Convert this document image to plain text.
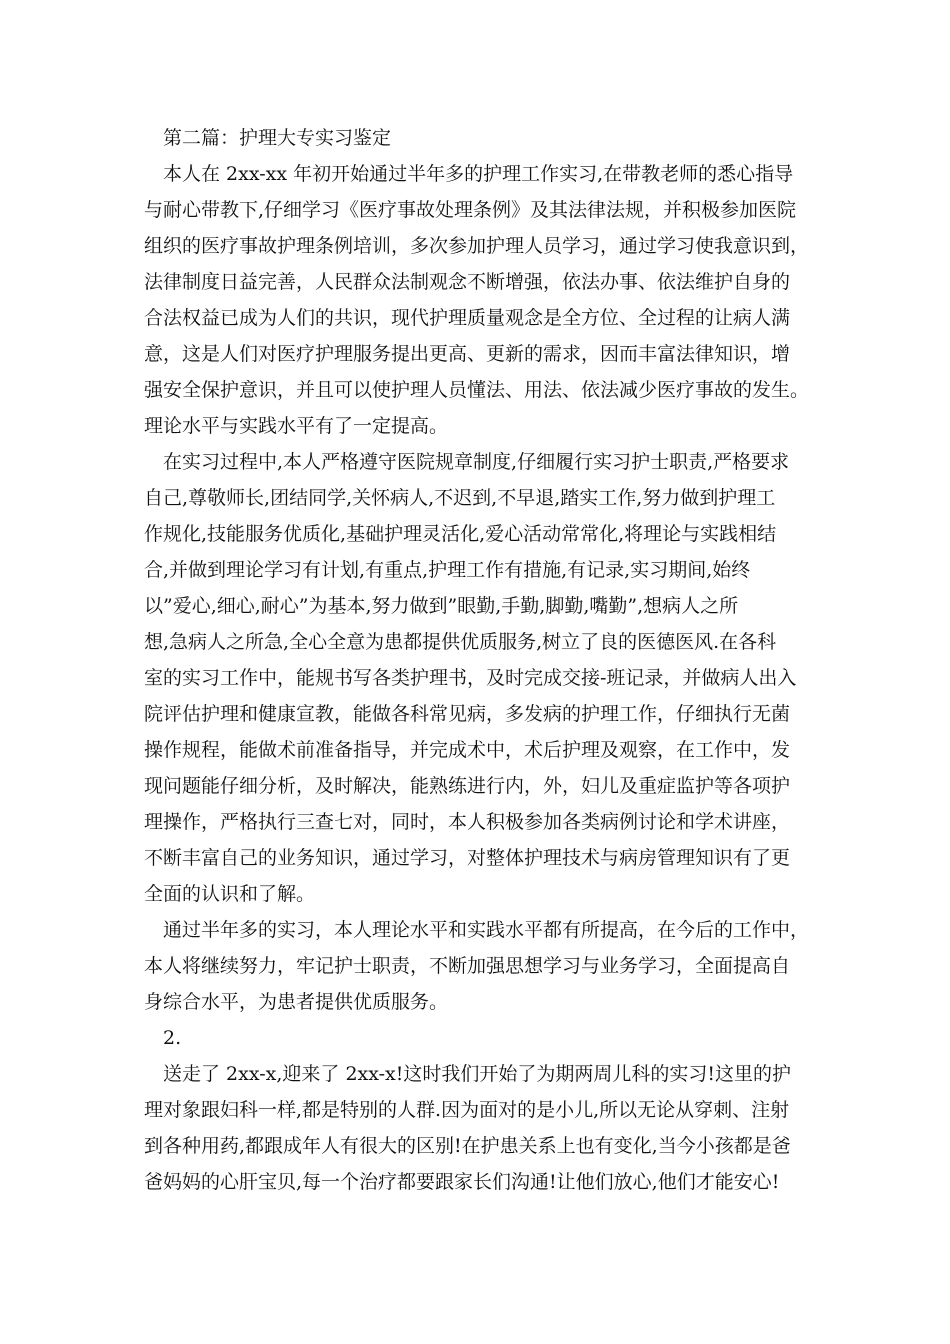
第二篇：护理大专实习鉴定

本人在 2xx-xx 年初开始通过半年多的护理工作实习,在带教老师的悉心指导
与耐心带教下,仔细学习《医疗事故处理条例》及其法律法规，并积极参加医院
组织的医疗事故护理条例培训，多次参加护理人员学习，通过学习使我意识到，
法律制度日益完善，人民群众法制观念不断增强，依法办事、依法维护自身的
合法权益已成为人们的共识，现代护理质量观念是全方位、全过程的让病人满
意，这是人们对医疗护理服务提出更高、更新的需求，因而丰富法律知识，增
强安全保护意识，并且可以使护理人员懂法、用法、依法减少医疗事故的发生。
理论水平与实践水平有了一定提高。

在实习过程中,本人严格遵守医院规章制度,仔细履行实习护士职责,严格要求
自己,尊敬师长,团结同学,关怀病人,不迟到,不早退,踏实工作,努力做到护理工
作规化,技能服务优质化,基础护理灵活化,爱心活动常常化,将理论与实践相结
合,并做到理论学习有计划,有重点,护理工作有措施,有记录,实习期间,始终
以”爱心,细心,耐心”为基本,努力做到”眼勤,手勤,脚勤,嘴勤”,想病人之所
想,急病人之所急,全心全意为患都提供优质服务,树立了良的医德医风.在各科
室的实习工作中，能规书写各类护理书，及时完成交接-班记录，并做病人出入
院评估护理和健康宣教，能做各科常见病，多发病的护理工作，仔细执行无菌
操作规程，能做术前准备指导，并完成术中，术后护理及观察，在工作中，发
现问题能仔细分析，及时解决，能熟练进行内，外，妇儿及重症监护等各项护
理操作，严格执行三查七对，同时，本人积极参加各类病例讨论和学术讲座，
不断丰富自己的业务知识，通过学习，对整体护理技术与病房管理知识有了更
全面的认识和了解。

通过半年多的实习，本人理论水平和实践水平都有所提高，在今后的工作中，
本人将继续努力，牢记护士职责，不断加强思想学习与业务学习，全面提高自
身综合水平，为患者提供优质服务。

2.

送走了 2xx-x,迎来了 2xx-x!这时我们开始了为期两周儿科的实习!这里的护
理对象跟妇科一样,都是特别的人群.因为面对的是小儿,所以无论从穿刺、注射
到各种用药,都跟成年人有很大的区别!在护患关系上也有变化,当今小孩都是爸
爸妈妈的心肝宝贝,每一个治疗都要跟家长们沟通!让他们放心,他们才能安心!
